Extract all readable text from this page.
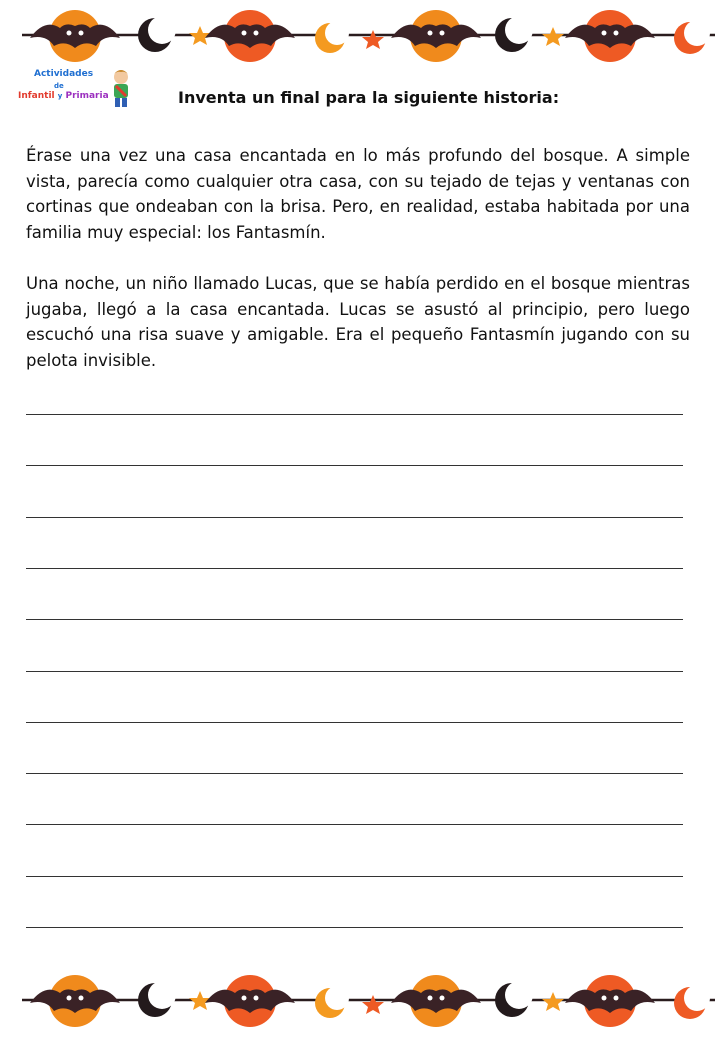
Actividades
de
Infantil y Primaria	Inventa un final para la siguiente historia:

Érase una vez una casa encantada en lo más profundo del bosque. A simple vista, parecía como cualquier otra casa, con su tejado de tejas y ventanas con cortinas que ondeaban con la brisa. Pero, en realidad, estaba habitada por una familia muy especial: los Fantasmín.

Una noche, un niño llamado Lucas, que se había perdido en el bosque mientras jugaba, llegó a la casa encantada. Lucas se asustó al principio, pero luego escuchó una risa suave y amigable. Era el pequeño Fantasmín jugando con su pelota invisible.
